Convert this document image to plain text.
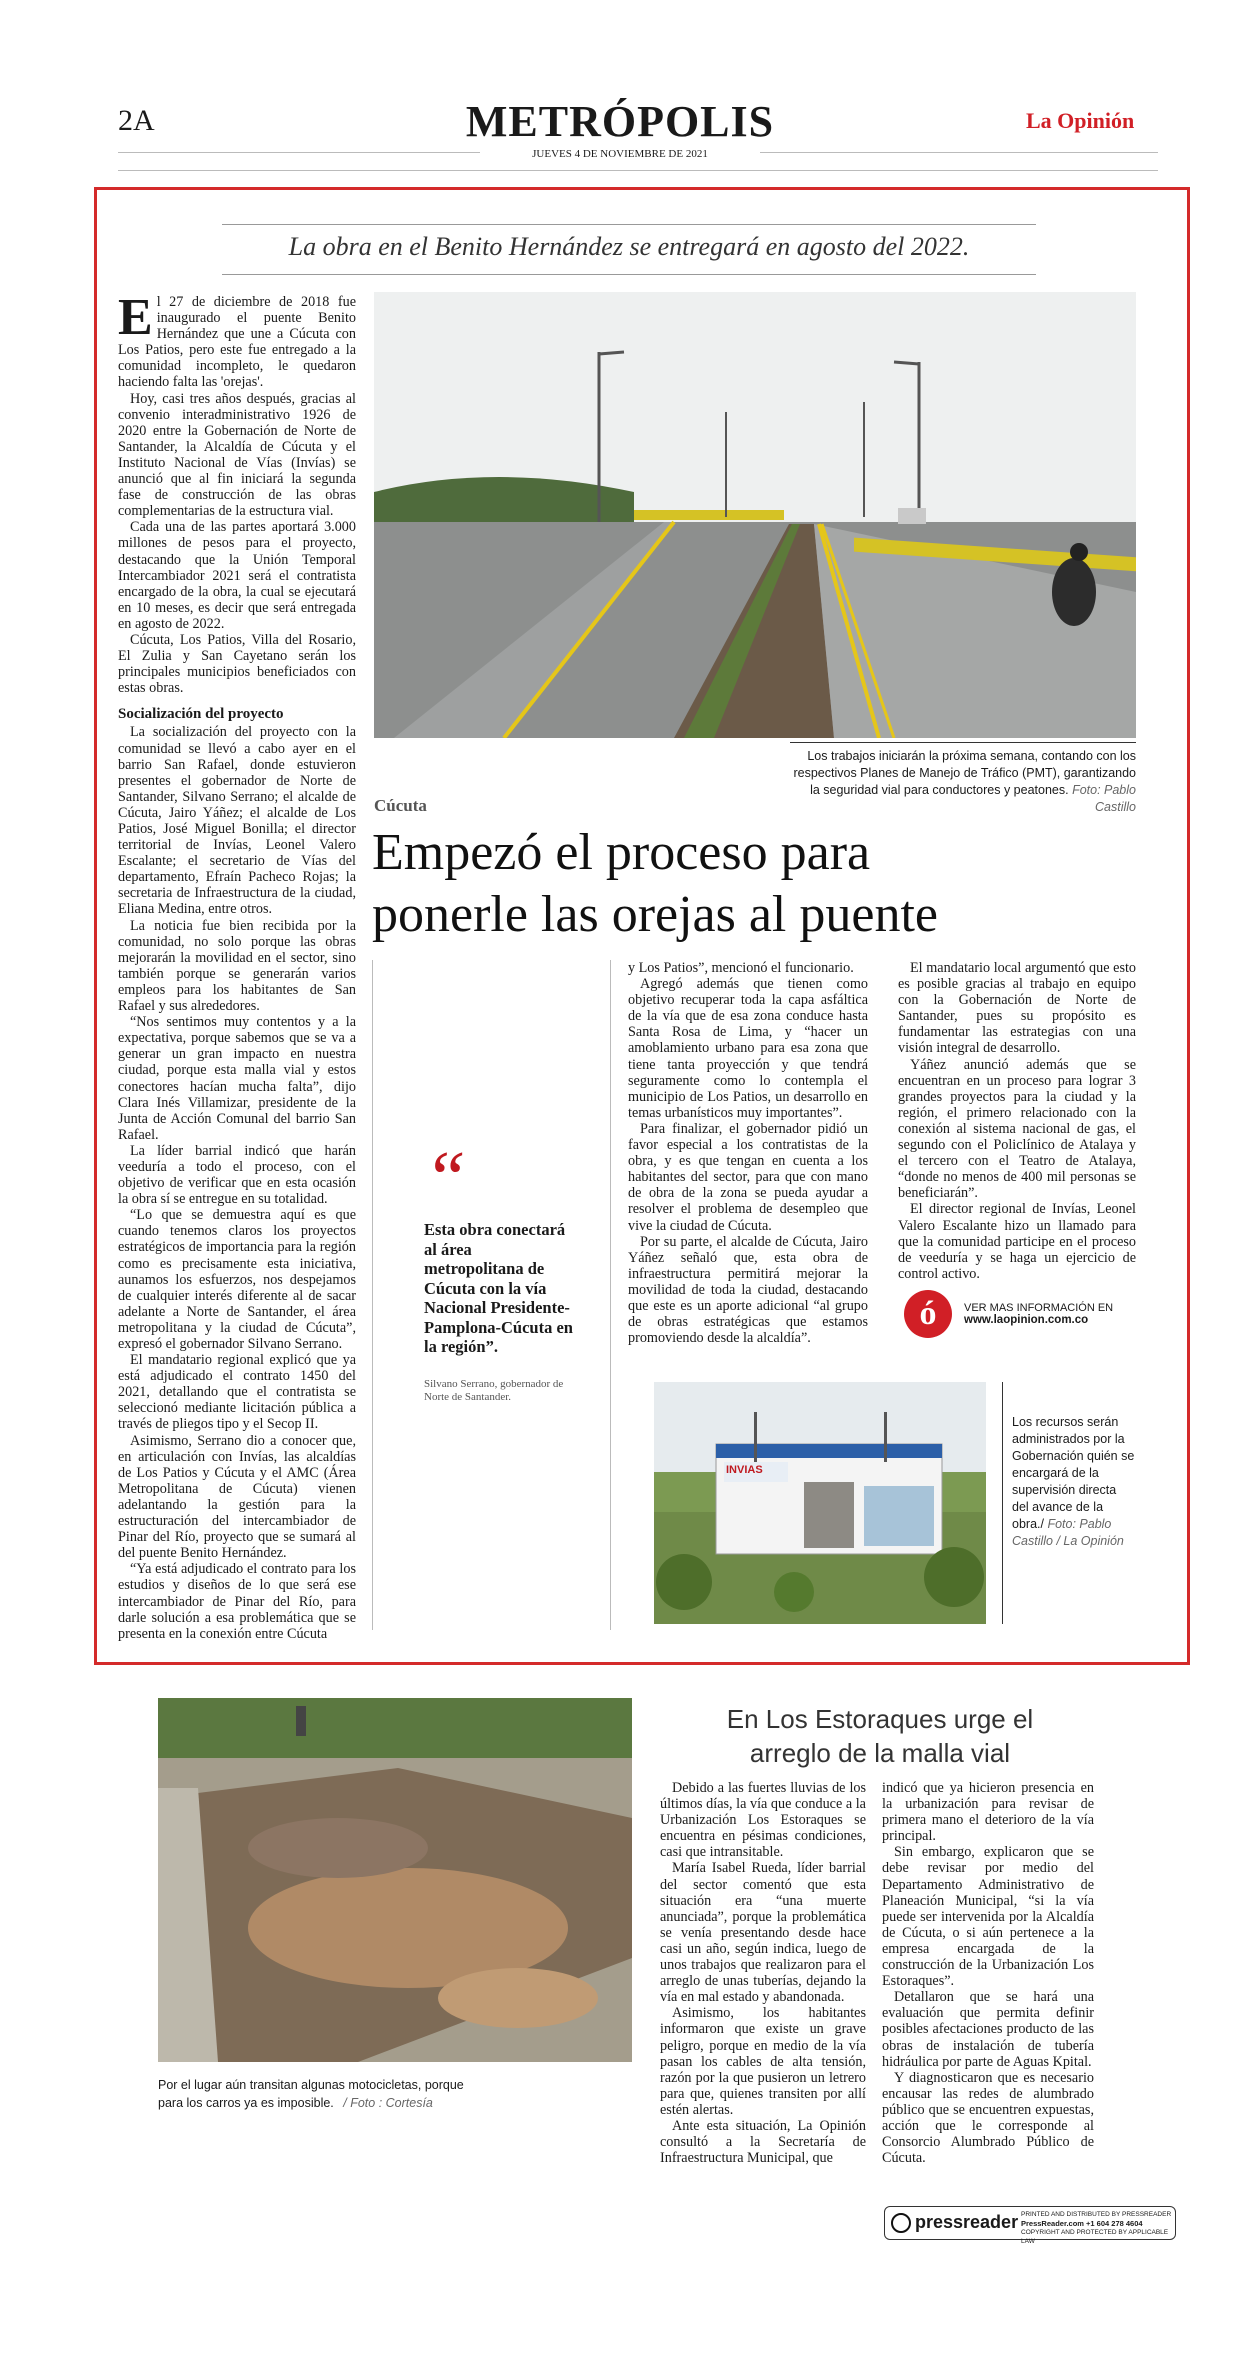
2A	METRÓPOLIS	La Opinión
JUEVES 4 DE NOVIEMBRE DE 2021
La obra en el Benito Hernández se entregará en agosto del 2022.
Los trabajos iniciarán la próxima semana, contando con los respectivos Planes de Manejo de Tráfico (PMT), garantizando la seguridad vial para conductores y peatones. Foto: Pablo Castillo
Cúcuta
Empezó el proceso para
ponerle las orejas al puente

El 27 de diciembre de 2018 fue inaugurado el puente Benito Hernández que une a Cúcuta con Los Patios, pero este fue entregado a la comunidad incompleto, le quedaron haciendo falta las 'orejas'.

Hoy, casi tres años después, gracias al convenio interadministrativo 1926 de 2020 entre la Gobernación de Norte de Santander, la Alcaldía de Cúcuta y el Instituto Nacional de Vías (Invías) se anunció que al fin iniciará la segunda fase de construcción de las obras complementarias de la estructura vial.

Cada una de las partes aportará 3.000 millones de pesos para el proyecto, destacando que la Unión Temporal Intercambiador 2021 será el contratista encargado de la obra, la cual se ejecutará en 10 meses, es decir que será entregada en agosto de 2022.

Cúcuta, Los Patios, Villa del Rosario, El Zulia y San Cayetano serán los principales municipios beneficiados con estas obras.

Socialización del proyecto

La socialización del proyecto con la comunidad se llevó a cabo ayer en el barrio San Rafael, donde estuvieron presentes el gobernador de Norte de Santander, Silvano Serrano; el alcalde de Cúcuta, Jairo Yáñez; el alcalde de Los Patios, José Miguel Bonilla; el director territorial de Invías, Leonel Valero Escalante; el secretario de Vías del departamento, Efraín Pacheco Rojas; la secretaria de Infraestructura de la ciudad, Eliana Medina, entre otros.

La noticia fue bien recibida por la comunidad, no solo porque las obras mejorarán la movilidad en el sector, sino también porque se generarán varios empleos para los habitantes de San Rafael y sus alrededores.

“Nos sentimos muy contentos y a la expectativa, porque sabemos que se va a generar un gran impacto en nuestra ciudad, porque esta malla vial y estos conectores hacían mucha falta”, dijo Clara Inés Villamizar, presidente de la Junta de Acción Comunal del barrio San Rafael.

La líder barrial indicó que harán veeduría a todo el proceso, con el objetivo de verificar que en esta ocasión la obra sí se entregue en su totalidad.

“Lo que se demuestra aquí es que cuando tenemos claros los proyectos estratégicos de importancia para la región como es precisamente esta iniciativa, aunamos los esfuerzos, nos despejamos de cualquier interés diferente al de sacar adelante a Norte de Santander, el área metropolitana y la ciudad de Cúcuta”, expresó el gobernador Silvano Serrano.

El mandatario regional explicó que ya está adjudicado el contrato 1450 del 2021, detallando que el contratista se seleccionó mediante licitación pública a través de pliegos tipo y el Secop II.

Asimismo, Serrano dio a conocer que, en articulación con Invías, las alcaldías de Los Patios y Cúcuta y el AMC (Área Metropolitana de Cúcuta) vienen adelantando la gestión para la estructuración del intercambiador de Pinar del Río, proyecto que se sumará al del puente Benito Hernández.

“Ya está adjudicado el contrato para los estudios y diseños de lo que será ese intercambiador de Pinar del Río, para darle solución a esa problemática que se presenta en la conexión entre Cúcuta

“
Esta obra conectará al área metropolitana de Cúcuta con la vía Nacional Presidente-Pamplona-Cúcuta en la región”.
Silvano Serrano, gobernador de Norte de Santander.

y Los Patios”, mencionó el funcionario.

Agregó además que tienen como objetivo recuperar toda la capa asfáltica de la vía que de esa zona conduce hasta Santa Rosa de Lima, y “hacer un amoblamiento urbano para esa zona que tiene tanta proyección y que tendrá seguramente como lo contempla el municipio de Los Patios, un desarrollo en temas urbanísticos muy importantes”.

Para finalizar, el gobernador pidió un favor especial a los contratistas de la obra, y es que tengan en cuenta a los habitantes del sector, para que con mano de obra de la zona se pueda ayudar a resolver el problema de desempleo que vive la ciudad de Cúcuta.

Por su parte, el alcalde de Cúcuta, Jairo Yáñez señaló que, esta obra de infraestructura permitirá mejorar la movilidad de toda la ciudad, destacando que este es un aporte adicional “al grupo de obras estratégicas que estamos promoviendo desde la alcaldía”.

El mandatario local argumentó que esto es posible gracias al trabajo en equipo con la Gobernación de Norte de Santander, pues su propósito es fundamentar las estrategias con una visión integral de desarrollo.

Yáñez anunció además que se encuentran en un proceso para lograr 3 grandes proyectos para la ciudad y la región, el primero relacionado con la conexión al sistema nacional de gas, el segundo con el Policlínico de Atalaya y el tercero con el Teatro de Atalaya, “donde no menos de 400 mil personas se beneficiarán”.

El director regional de Invías, Leonel Valero Escalante hizo un llamado para que la comunidad participe en el proceso de veeduría y se haga un ejercicio de control activo.

ó	VER MAS INFORMACIÓN EN
www.laopinion.com.co
INVIAS
Los recursos serán administrados por la Gobernación quién se encargará de la supervisión directa del avance de la obra./ Foto: Pablo Castillo / La Opinión
Por el lugar aún transitan algunas motocicletas, porque
para los carros ya es imposible. / Foto : Cortesía
En Los Estoraques urge el
arreglo de la malla vial

Debido a las fuertes lluvias de los últimos días, la vía que conduce a la Urbanización Los Estoraques se encuentra en pésimas condiciones, casi que intransitable.

María Isabel Rueda, líder barrial del sector comentó que esta situación era “una muerte anunciada”, porque la problemática se venía presentando desde hace casi un año, según indica, luego de unos trabajos que realizaron para el arreglo de unas tuberías, dejando la vía en mal estado y abandonada.

Asimismo, los habitantes informaron que existe un grave peligro, porque en medio de la vía pasan los cables de alta tensión, razón por la que pusieron un letrero para que, quienes transiten por allí estén alertas.

Ante esta situación, La Opinión consultó a la Secretaría de Infraestructura Municipal, que

indicó que ya hicieron presencia en la urbanización para revisar de primera mano el deterioro de la vía principal.

Sin embargo, explicaron que se debe revisar por medio del Departamento Administrativo de Planeación Municipal, “si la vía puede ser intervenida por la Alcaldía de Cúcuta, o si aún pertenece a la empresa encargada de la construcción de la Urbanización Los Estoraques”.

Detallaron que se hará una evaluación que permita definir posibles afectaciones producto de las obras de instalación de tubería hidráulica por parte de Aguas Kpital.

Y diagnosticaron que es necesario encausar las redes de alumbrado público que se encuentren expuestas, acción que le corresponde al Consorcio Alumbrado Público de Cúcuta.

pressreader PRINTED AND DISTRIBUTED BY PRESSREADER
PressReader.com +1 604 278 4604
COPYRIGHT AND PROTECTED BY APPLICABLE LAW
